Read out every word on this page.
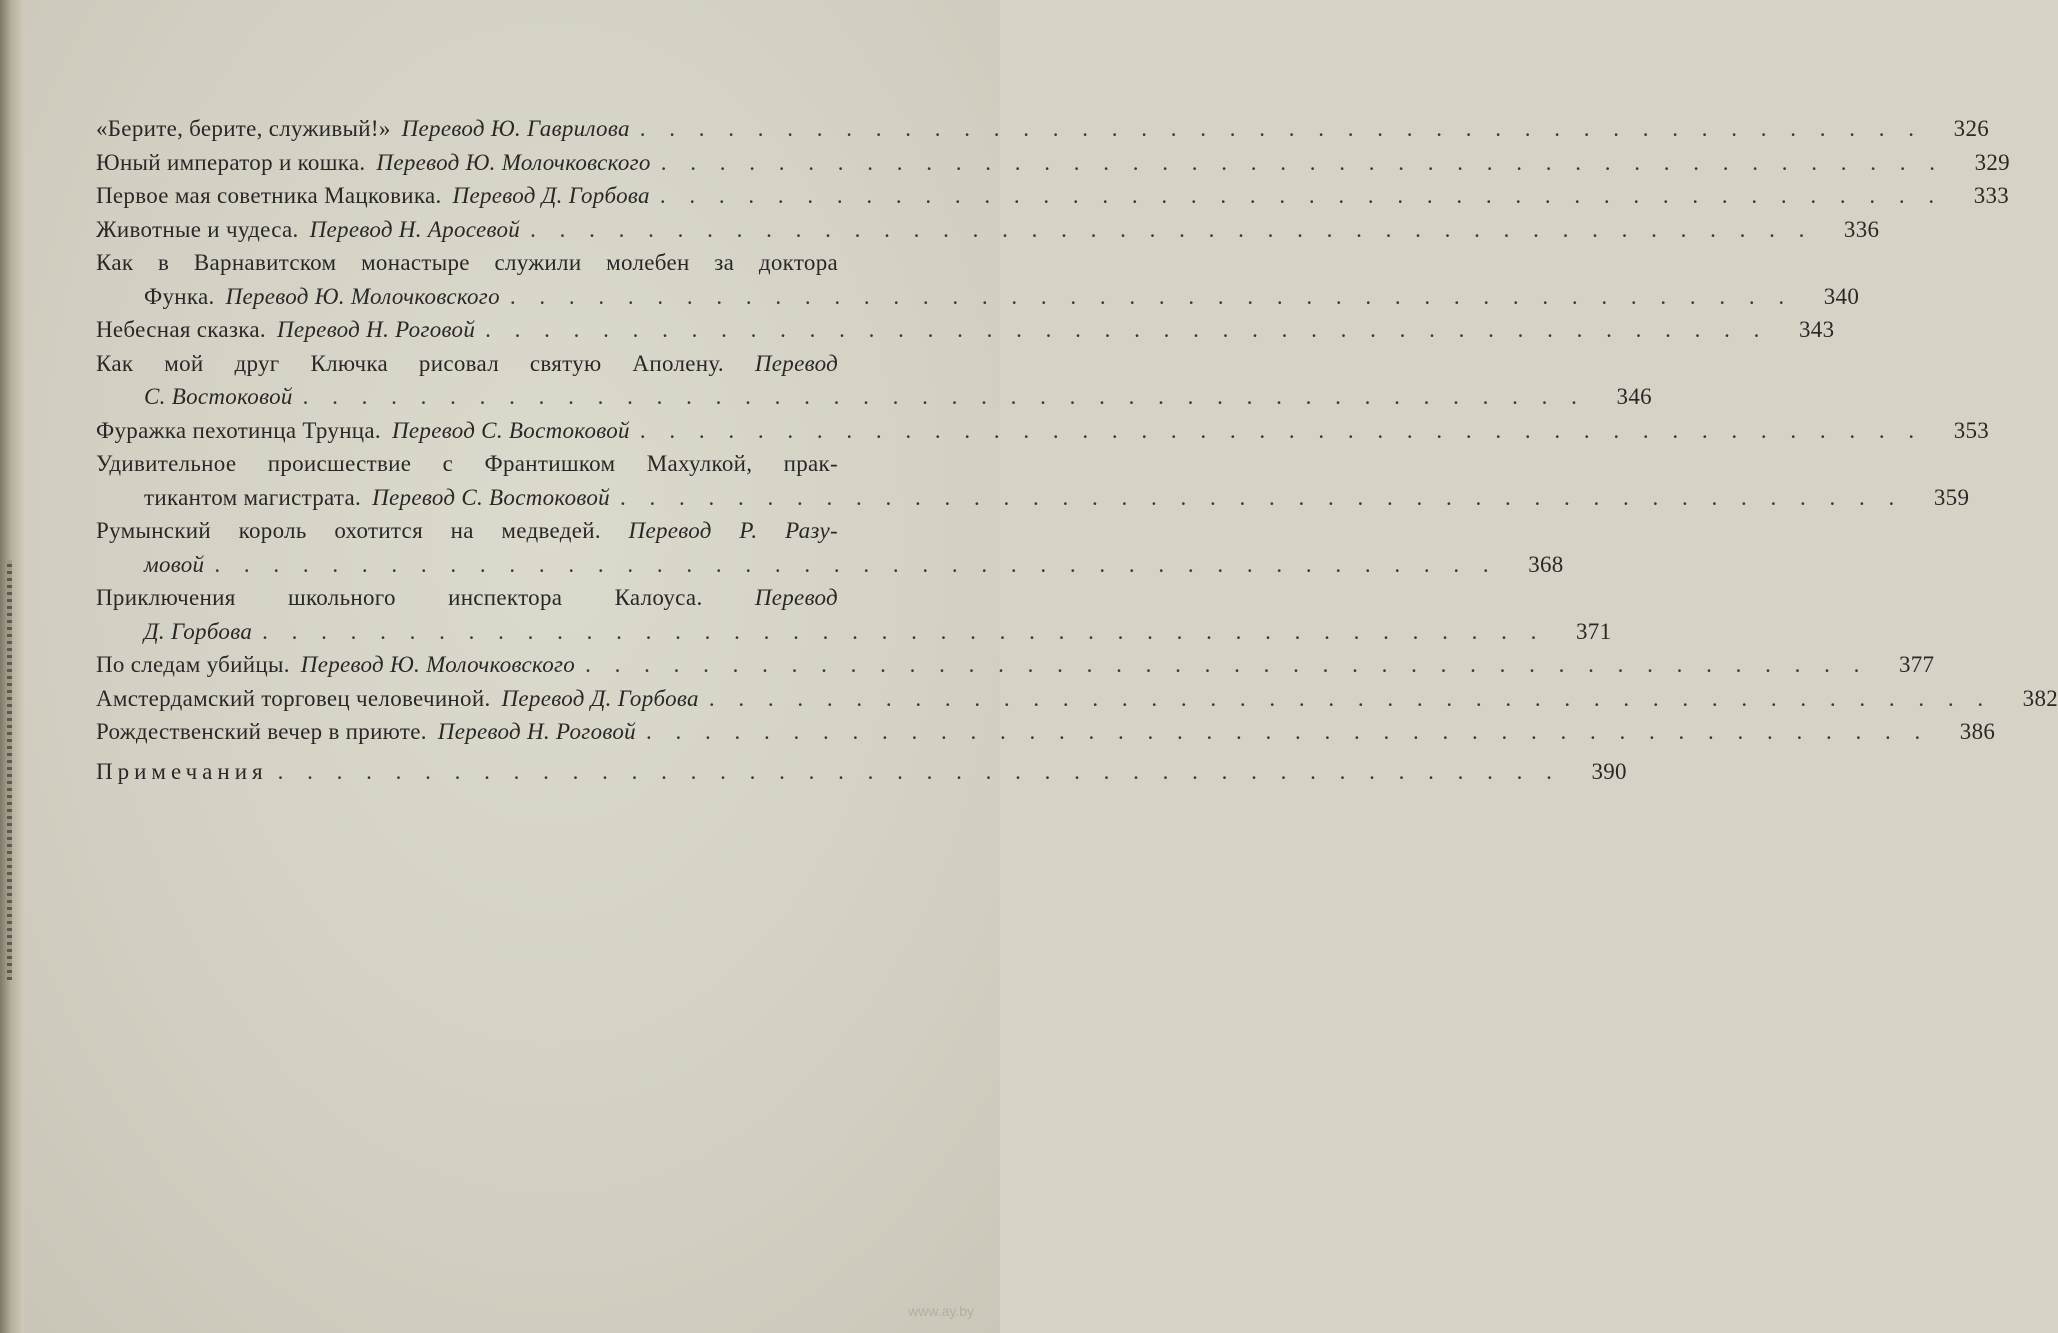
«Берите, берите, служивый!» Перевод Ю. Гаврилова . . . . . . . . . . . . . . . . . . . . . . . . . . . . . . . . . . . . . . . . . . . .	326
Юный император и кошка. Перевод Ю. Молочковского . . . . . . . . . . . . . . . . . . . . . . . . . . . . . . . . . . . . . . . . . . . .	329
Первое мая советника Мацковика. Перевод Д. Горбова . . . . . . . . . . . . . . . . . . . . . . . . . . . . . . . . . . . . . . . . . . . .	333
Животные и чудеса. Перевод Н. Аросевой . . . . . . . . . . . . . . . . . . . . . . . . . . . . . . . . . . . . . . . . . . . .	336
Как в Варнавитском монастыре служили молебен за доктора
Функа. Перевод Ю. Молочковского . . . . . . . . . . . . . . . . . . . . . . . . . . . . . . . . . . . . . . . . . . . .	340
Небесная сказка. Перевод Н. Роговой . . . . . . . . . . . . . . . . . . . . . . . . . . . . . . . . . . . . . . . . . . . .	343
Как мой друг Ключка рисовал святую Аполену. Перевод
С. Востоковой . . . . . . . . . . . . . . . . . . . . . . . . . . . . . . . . . . . . . . . . . . . .	346
Фуражка пехотинца Трунца. Перевод С. Востоковой . . . . . . . . . . . . . . . . . . . . . . . . . . . . . . . . . . . . . . . . . . . .	353
Удивительное происшествие с Франтишком Махулкой, прак-
тикантом магистрата. Перевод С. Востоковой . . . . . . . . . . . . . . . . . . . . . . . . . . . . . . . . . . . . . . . . . . . .	359
Румынский король охотится на медведей. Перевод Р. Разу-
мовой . . . . . . . . . . . . . . . . . . . . . . . . . . . . . . . . . . . . . . . . . . . .	368
Приключения школьного инспектора Калоуса. Перевод
Д. Горбова . . . . . . . . . . . . . . . . . . . . . . . . . . . . . . . . . . . . . . . . . . . .	371
По следам убийцы. Перевод Ю. Молочковского . . . . . . . . . . . . . . . . . . . . . . . . . . . . . . . . . . . . . . . . . . . .	377
Амстердамский торговец человечиной. Перевод Д. Горбова . . . . . . . . . . . . . . . . . . . . . . . . . . . . . . . . . . . . . . . . . . . .	382
Рождественский вечер в приюте. Перевод Н. Роговой . . . . . . . . . . . . . . . . . . . . . . . . . . . . . . . . . . . . . . . . . . . .	386
Примечания . . . . . . . . . . . . . . . . . . . . . . . . . . . . . . . . . . . . . . . . . . . .	390
www.ay.by
